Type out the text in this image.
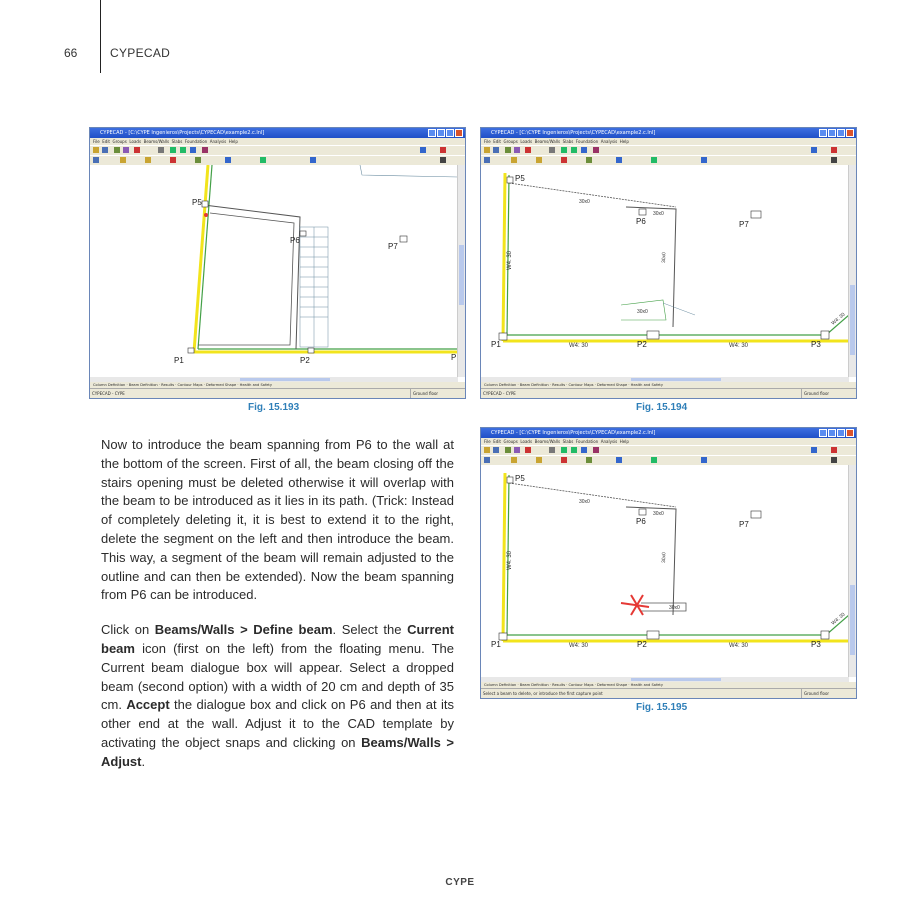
66	CYPECAD
CYPECAD - [C:\CYPE Ingenieros\Projects\CYPECAD\example2.c.lnl]
File Edit Groups Loads Beams/Walls Slabs Foundation Analysis Help
P1
P5
P6
P7
P2	P
Column Definition · Beam Definition · Results · Contour Maps · Deformed Shape · Health and Safety
CYPECAD - CYPE	Ground floor
Fig. 15.193
CYPECAD - [C:\CYPE Ingenieros\Projects\CYPECAD\example2.c.lnl]
File Edit Groups Loads Beams/Walls Slabs Foundation Analysis Help
P1
P5
P6	P7
P2	P3
30x0
30x0
30x0
30x0
W4: 30	W4: 30
W4: 30
W4: 30
Column Definition · Beam Definition · Results · Contour Maps · Deformed Shape · Health and Safety
CYPECAD - CYPE	Ground floor
Fig. 15.194
CYPECAD - [C:\CYPE Ingenieros\Projects\CYPECAD\example2.c.lnl]
File Edit Groups Loads Beams/Walls Slabs Foundation Analysis Help
P1
P5
P6	P7
P2	P3
30x0
30x0
30x0
30x0
W4: 30	W4: 30
W4: 30
W4: 30
Column Definition · Beam Definition · Results · Contour Maps · Deformed Shape · Health and Safety
Select a beam to delete, or introduce the first capture point	Ground floor
Fig. 15.195

Now to introduce the beam spanning from P6 to the wall at the bottom of the screen. First of all, the beam closing off the stairs opening must be deleted otherwise it will overlap with the beam to be introduced as it lies in its path. (Trick: Instead of completely deleting it, it is best to extend it to the right, delete the segment on the left and then introduce the beam. This way, a segment of the beam will remain adjusted to the outline and can then be extended). Now the beam spanning from P6 can be introduced.

Click on Beams/Walls > Define beam. Select the Current beam icon (first on the left) from the floating menu. The Current beam dialogue box will appear. Select a dropped beam (second option) with a width of 20 cm and depth of 35 cm. Accept the dialogue box and click on P6 and then at its other end at the wall. Adjust it to the CAD template by activating the object snaps and clicking on Beams/Walls > Adjust.

CYPE
